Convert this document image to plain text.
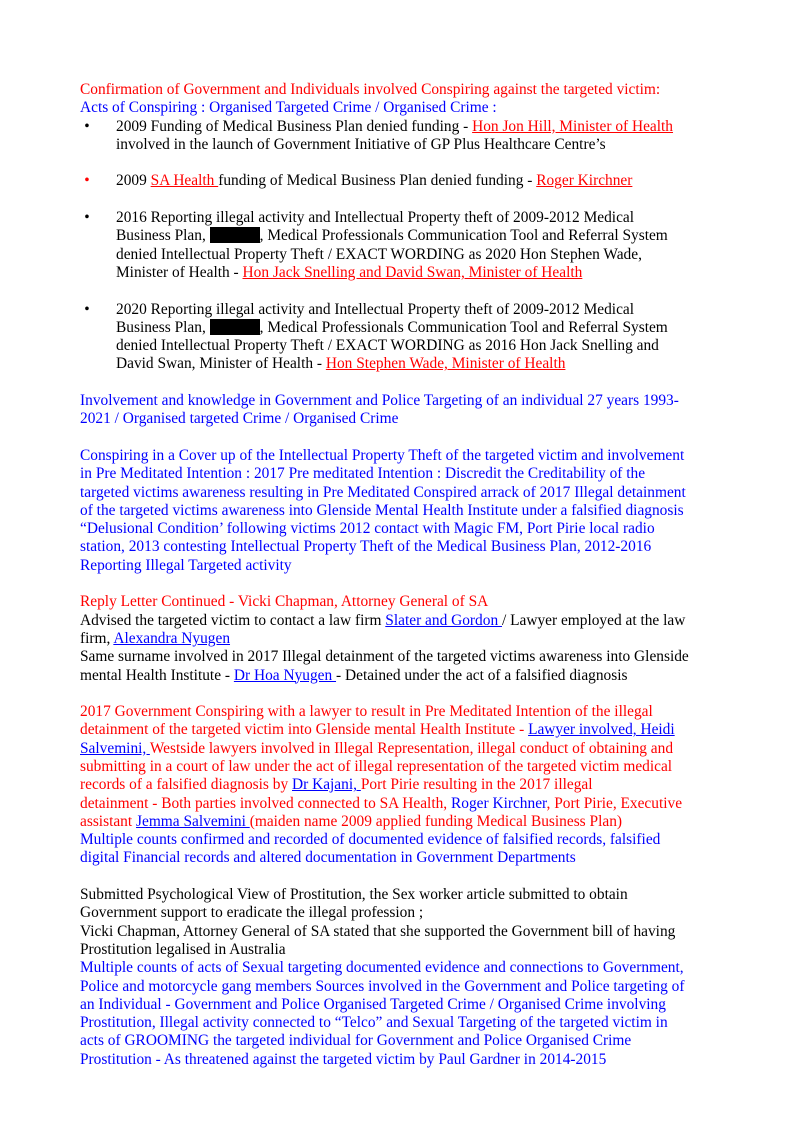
Confirmation of Government and Individuals involved Conspiring against the targeted victim:
Acts of Conspiring : Organised Targeted Crime / Organised Crime :
• 2009 Funding of Medical Business Plan denied funding - Hon Jon Hill, Minister of Health
involved in the launch of Government Initiative of GP Plus Healthcare Centre’s
• 2009 SA Health funding of Medical Business Plan denied funding - Roger Kirchner
• 2016 Reporting illegal activity and Intellectual Property theft of 2009-2012 Medical
Business Plan,	, Medical Professionals Communication Tool and Referral System
denied Intellectual Property Theft / EXACT WORDING as 2020 Hon Stephen Wade,
Minister of Health - Hon Jack Snelling and David Swan, Minister of Health
• 2020 Reporting illegal activity and Intellectual Property theft of 2009-2012 Medical
Business Plan,	, Medical Professionals Communication Tool and Referral System
denied Intellectual Property Theft / EXACT WORDING as 2016 Hon Jack Snelling and
David Swan, Minister of Health - Hon Stephen Wade, Minister of Health
Involvement and knowledge in Government and Police Targeting of an individual 27 years 1993-
2021 / Organised targeted Crime / Organised Crime
Conspiring in a Cover up of the Intellectual Property Theft of the targeted victim and involvement
in Pre Meditated Intention : 2017 Pre meditated Intention : Discredit the Creditability of the
targeted victims awareness resulting in Pre Meditated Conspired arrack of 2017 Illegal detainment
of the targeted victims awareness into Glenside Mental Health Institute under a falsified diagnosis
“Delusional Condition’ following victims 2012 contact with Magic FM, Port Pirie local radio
station, 2013 contesting Intellectual Property Theft of the Medical Business Plan, 2012-2016
Reporting Illegal Targeted activity
Reply Letter Continued - Vicki Chapman, Attorney General of SA
Advised the targeted victim to contact a law firm Slater and Gordon / Lawyer employed at the law
firm, Alexandra Nyugen
Same surname involved in 2017 Illegal detainment of the targeted victims awareness into Glenside
mental Health Institute - Dr Hoa Nyugen - Detained under the act of a falsified diagnosis
2017 Government Conspiring with a lawyer to result in Pre Meditated Intention of the illegal
detainment of the targeted victim into Glenside mental Health Institute - Lawyer involved, Heidi
Salvemini, Westside lawyers involved in Illegal Representation, illegal conduct of obtaining and
submitting in a court of law under the act of illegal representation of the targeted victim medical
records of a falsified diagnosis by Dr Kajani, Port Pirie resulting in the 2017 illegal
detainment - Both parties involved connected to SA Health, Roger Kirchner, Port Pirie, Executive
assistant Jemma Salvemini (maiden name 2009 applied funding Medical Business Plan)
Multiple counts confirmed and recorded of documented evidence of falsified records, falsified
digital Financial records and altered documentation in Government Departments
Submitted Psychological View of Prostitution, the Sex worker article submitted to obtain
Government support to eradicate the illegal profession ;
Vicki Chapman, Attorney General of SA stated that she supported the Government bill of having
Prostitution legalised in Australia
Multiple counts of acts of Sexual targeting documented evidence and connections to Government,
Police and motorcycle gang members Sources involved in the Government and Police targeting of
an Individual - Government and Police Organised Targeted Crime / Organised Crime involving
Prostitution, Illegal activity connected to “Telco” and Sexual Targeting of the targeted victim in
acts of GROOMING the targeted individual for Government and Police Organised Crime
Prostitution - As threatened against the targeted victim by Paul Gardner in 2014-2015
